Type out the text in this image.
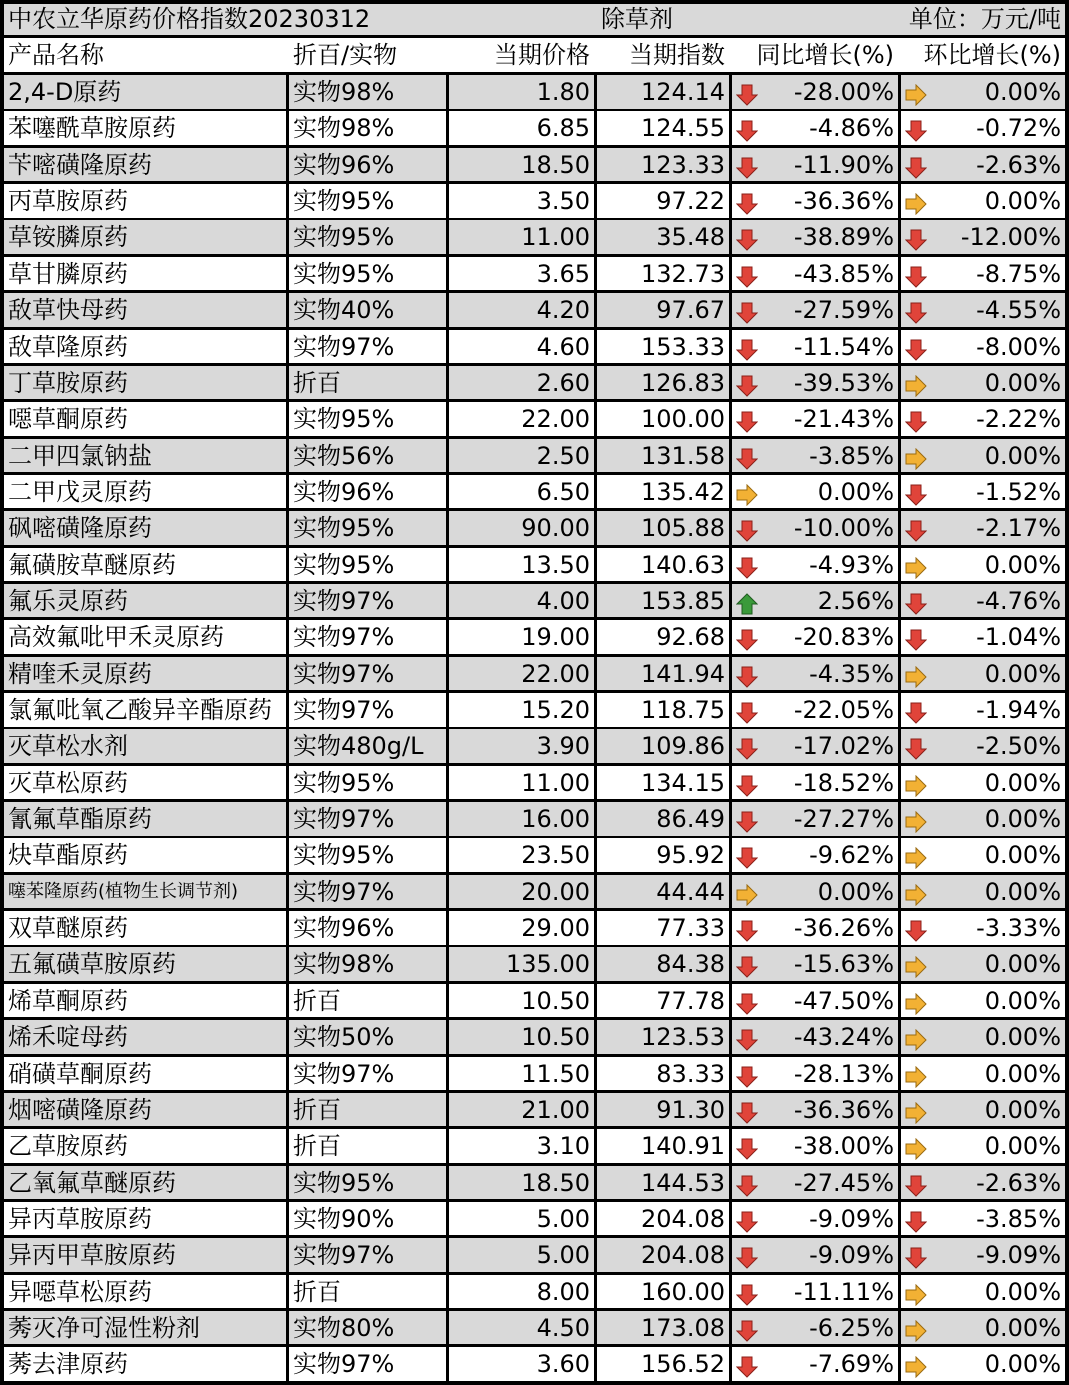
中农立华原药价格指数20230312	除草剂	单位：万元/吨
产品名称	折百/实物	当期价格	当期指数	同比增长(%)	环比增长(%)
2,4-D原药	实物98%	1.80	124.14	-28.00%	0.00%
苯噻酰草胺原药	实物98%	6.85	124.55	-4.86%	-0.72%
苄嘧磺隆原药	实物96%	18.50	123.33	-11.90%	-2.63%
丙草胺原药	实物95%	3.50	97.22	-36.36%	0.00%
草铵膦原药	实物95%	11.00	35.48	-38.89%	-12.00%
草甘膦原药	实物95%	3.65	132.73	-43.85%	-8.75%
敌草快母药	实物40%	4.20	97.67	-27.59%	-4.55%
敌草隆原药	实物97%	4.60	153.33	-11.54%	-8.00%
丁草胺原药	折百	2.60	126.83	-39.53%	0.00%
噁草酮原药	实物95%	22.00	100.00	-21.43%	-2.22%
二甲四氯钠盐	实物56%	2.50	131.58	-3.85%	0.00%
二甲戊灵原药	实物96%	6.50	135.42	0.00%	-1.52%
砜嘧磺隆原药	实物95%	90.00	105.88	-10.00%	-2.17%
氟磺胺草醚原药	实物95%	13.50	140.63	-4.93%	0.00%
氟乐灵原药	实物97%	4.00	153.85	2.56%	-4.76%
高效氟吡甲禾灵原药	实物97%	19.00	92.68	-20.83%	-1.04%
精喹禾灵原药	实物97%	22.00	141.94	-4.35%	0.00%
氯氟吡氧乙酸异辛酯原药 实物97%	15.20	118.75	-22.05%	-1.94%
灭草松水剂	实物480g/L	3.90	109.86	-17.02%	-2.50%
灭草松原药	实物95%	11.00	134.15	-18.52%	0.00%
氰氟草酯原药	实物97%	16.00	86.49	-27.27%	0.00%
炔草酯原药	实物95%	23.50	95.92	-9.62%	0.00%
噻苯隆原药(植物生长调节剂)	实物97%	20.00	44.44	0.00%	0.00%
双草醚原药	实物96%	29.00	77.33	-36.26%	-3.33%
五氟磺草胺原药	实物98%	135.00	84.38	-15.63%	0.00%
烯草酮原药	折百	10.50	77.78	-47.50%	0.00%
烯禾啶母药	实物50%	10.50	123.53	-43.24%	0.00%
硝磺草酮原药	实物97%	11.50	83.33	-28.13%	0.00%
烟嘧磺隆原药	折百	21.00	91.30	-36.36%	0.00%
乙草胺原药	折百	3.10	140.91	-38.00%	0.00%
乙氧氟草醚原药	实物95%	18.50	144.53	-27.45%	-2.63%
异丙草胺原药	实物90%	5.00	204.08	-9.09%	-3.85%
异丙甲草胺原药	实物97%	5.00	204.08	-9.09%	-9.09%
异噁草松原药	折百	8.00	160.00	-11.11%	0.00%
莠灭净可湿性粉剂	实物80%	4.50	173.08	-6.25%	0.00%
莠去津原药	实物97%	3.60	156.52	-7.69%	0.00%
